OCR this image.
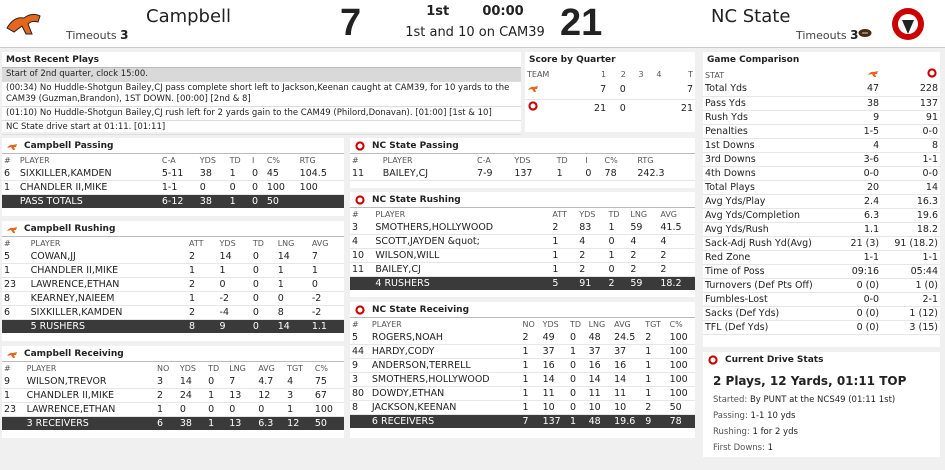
Campbell
Timeouts 3	7	1st	00:00
1st and 10 on CAM39 21	NC State
Timeouts 3
Most Recent Plays
Start of 2nd quarter, clock 15:00.
(00:34) No Huddle-Shotgun Bailey,CJ pass complete short left to Jackson,Keenan caught at CAM39, for 10 yards to the CAM39 (Guzman,Brandon), 1ST DOWN. [00:00] [2nd & 8]
(01:10) No Huddle-Shotgun Bailey,CJ rush left for 2 yards gain to the CAM49 (Philord,Donavan). [01:00] [1st & 10]
NC State drive start at 01:11. [01:11]
Score by Quarter
TEAM	1	2	3	4	T
	7	0			7
	21	0			21
Campbell Passing
#	PLAYER	C-A	YDS	TD	I	C%	RTG
6	SIXKILLER,KAMDEN	5-11	38	1	0	45	104.5
1	CHANDLER II,MIKE	1-1	0	0	0	100	100
	PASS TOTALS	6-12	38	1	0	50	
Campbell Rushing
#	PLAYER	ATT	YDS	TD	LNG	AVG
5	COWAN,JJ	2	14	0	14	7
1	CHANDLER II,MIKE	1	1	0	1	1
23	LAWRENCE,ETHAN	2	0	0	1	0
8	KEARNEY,NAIEEM	1	-2	0	0	-2
6	SIXKILLER,KAMDEN	2	-4	0	8	-2
	5 RUSHERS	8	9	0	14	1.1
Campbell Receiving
#	PLAYER	NO	YDS	TD	LNG	AVG	TGT	C%
9	WILSON,TREVOR	3	14	0	7	4.7	4	75
1	CHANDLER II,MIKE	2	24	1	13	12	3	67
23	LAWRENCE,ETHAN	1	0	0	0	0	1	100
	3 RECEIVERS	6	38	1	13	6.3	12	50
NC State Passing
#	PLAYER	C-A	YDS	TD	I	C%	RTG
11	BAILEY,CJ	7-9	137	1	0	78	242.3
NC State Rushing
#	PLAYER	ATT	YDS	TD	LNG	AVG
3	SMOTHERS,HOLLYWOOD	2	83	1	59	41.5
4	SCOTT,JAYDEN &quot;	1	4	0	4	4
10	WILSON,WILL	1	2	1	2	2
11	BAILEY,CJ	1	2	0	2	2
	4 RUSHERS	5	91	2	59	18.2
NC State Receiving
#	PLAYER	NO	YDS	TD	LNG	AVG	TGT	C%
5	ROGERS,NOAH	2	49	0	48	24.5	2	100
44	HARDY,CODY	1	37	1	37	37	1	100
9	ANDERSON,TERRELL	1	16	0	16	16	1	100
3	SMOTHERS,HOLLYWOOD	1	14	0	14	14	1	100
80	DOWDY,ETHAN	1	11	0	11	11	1	100
8	JACKSON,KEENAN	1	10	0	10	10	2	50
	6 RECEIVERS	7	137	1	48	19.6	9	78
Game Comparison
STAT		
Total Yds	47	228
Pass Yds	38	137
Rush Yds	9	91
Penalties	1-5	0-0
1st Downs	4	8
3rd Downs	3-6	1-1
4th Downs	0-0	0-0
Total Plays	20	14
Avg Yds/Play	2.4	16.3
Avg Yds/Completion	6.3	19.6
Avg Yds/Rush	1.1	18.2
Sack-Adj Rush Yd(Avg)	21 (3)	91 (18.2)
Red Zone	1-1	1-1
Time of Poss	09:16	05:44
Turnovers (Def Pts Off)	0 (0)	1 (0)
Fumbles-Lost	0-0	2-1
Sacks (Def Yds)	0 (0)	1 (12)
TFL (Def Yds)	0 (0)	3 (15)
Current Drive Stats
2 Plays, 12 Yards, 01:11 TOP
Started: By PUNT at the NCS49 (01:11 1st)
Passing: 1-1 10 yds
Rushing: 1 for 2 yds
First Downs: 1
